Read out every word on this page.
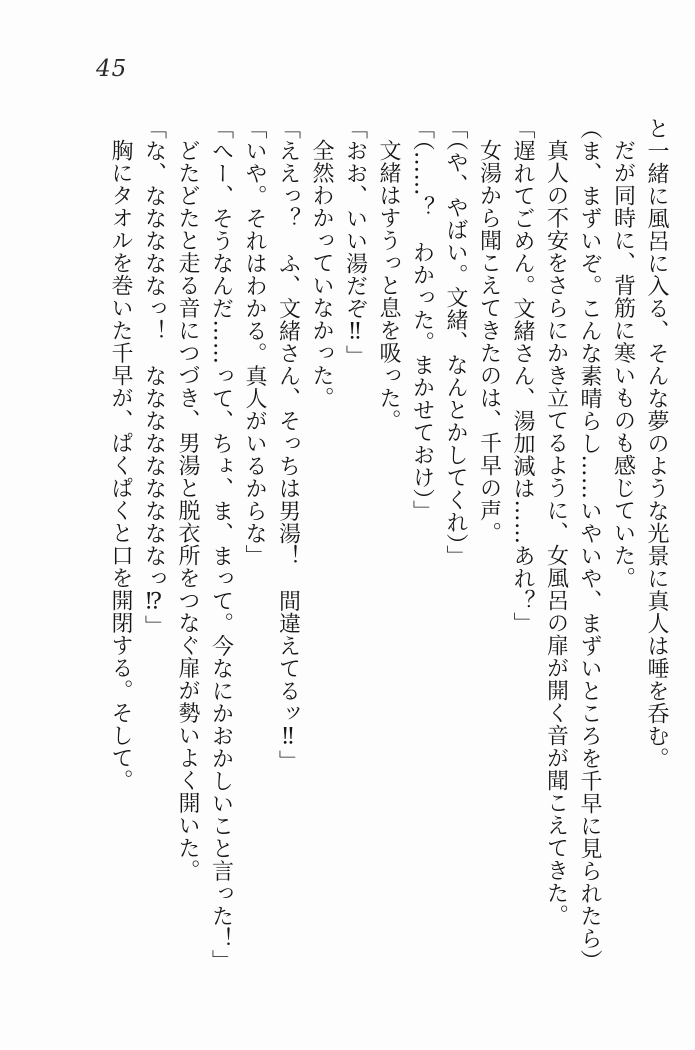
45

と一緒に風呂に入る、そんな夢のような光景に真人は唾を呑む。

だが同時に、背筋に寒いものも感じていた。

（ま、まずいぞ。こんな素晴らし……いやいや、まずいところを千早に見られたら）

真人の不安をさらにかき立てるように、女風呂の扉が開く音が聞こえてきた。

「遅れてごめん。文緒さん、湯加減は……あれ？」

女湯から聞こえてきたのは、千早の声。

「（や、やばい。文緒、なんとかしてくれ）」

「（……？　わかった。まかせておけ）」

文緒はすうっと息を吸った。

「おお、いい湯だぞ‼」

全然わかっていなかった。

「ええっ？　ふ、文緒さん、そっちは男湯！　間違えてるッ‼」

「いや。それはわかる。真人がいるからな」

「へー、そうなんだ……って、ちょ、ま、まって。今なにかおかしいこと言った！」

どたどたと走る音につづき、男湯と脱衣所をつなぐ扉が勢いよく開いた。

「な、なななななっ！　なななななななななっ⁉」

胸にタオルを巻いた千早が、ぱくぱくと口を開閉する。そして。
